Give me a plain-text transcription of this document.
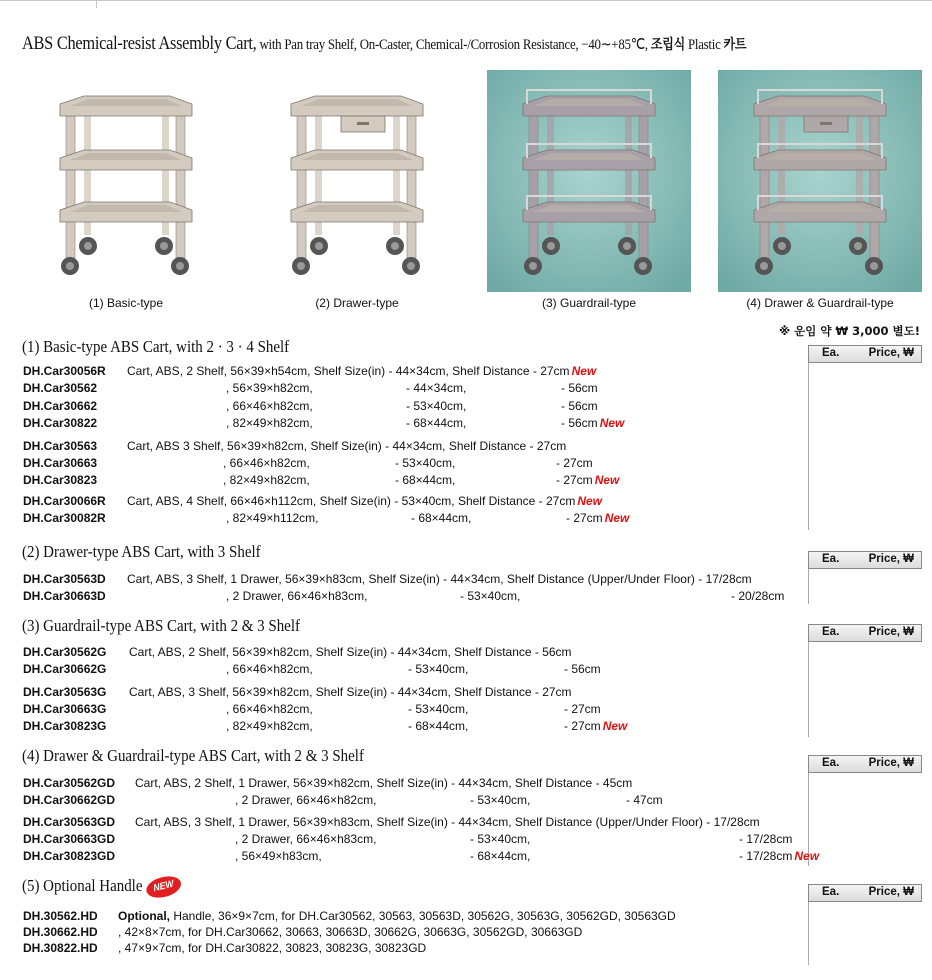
ABS Chemical-resist Assembly Cart, with Pan tray Shelf, On-Caster, Chemical-/Corrosion Resistance, −40∼+85℃, 조립식 Plastic 카트
(1) Basic-type	(2) Drawer-type	(3) Guardrail-type	(4) Drawer & Guardrail-type
※ 운임 약 ₩ 3,000 별도!
(1) Basic-type ABS Cart, with 2 · 3 · 4 Shelf	Ea.	Price, ₩
DH.Car30056R Cart, ABS, 2 Shelf, 56×39×h54cm, Shelf Size(in) - 44×34cm, Shelf Distance - 27cm New
DH.Car30562	, 56×39×h82cm,	- 44×34cm,	- 56cm
DH.Car30662	, 66×46×h82cm,	- 53×40cm,	- 56cm
DH.Car30822	, 82×49×h82cm,	- 68×44cm,	- 56cm New
DH.Car30563 Cart, ABS 3 Shelf, 56×39×h82cm, Shelf Size(in) - 44×34cm, Shelf Distance - 27cm
DH.Car30663	, 66×46×h82cm,	- 53×40cm,	- 27cm
DH.Car30823	, 82×49×h82cm,	- 68×44cm,	- 27cm New
DH.Car30066R Cart, ABS, 4 Shelf, 66×46×h112cm, Shelf Size(in) - 53×40cm, Shelf Distance - 27cm New
DH.Car30082R	, 82×49×h112cm,	- 68×44cm,	- 27cm New
(2) Drawer-type ABS Cart, with 3 Shelf	Ea.	Price, ₩
DH.Car30563D Cart, ABS, 3 Shelf, 1 Drawer, 56×39×h83cm, Shelf Size(in) - 44×34cm, Shelf Distance (Upper/Under Floor) - 17/28cm
DH.Car30663D	, 2 Drawer, 66×46×h83cm,	- 53×40cm,	- 20/28cm
(3) Guardrail-type ABS Cart, with 2 & 3 Shelf	Ea.	Price, ₩
DH.Car30562G Cart, ABS, 2 Shelf, 56×39×h82cm, Shelf Size(in) - 44×34cm, Shelf Distance - 56cm
DH.Car30662G	, 66×46×h82cm,	- 53×40cm,	- 56cm
DH.Car30563G Cart, ABS, 3 Shelf, 56×39×h82cm, Shelf Size(in) - 44×34cm, Shelf Distance - 27cm
DH.Car30663G	, 66×46×h82cm,	- 53×40cm,	- 27cm
DH.Car30823G	, 82×49×h82cm,	- 68×44cm,	- 27cm New
(4) Drawer & Guardrail-type ABS Cart, with 2 & 3 Shelf	Ea.	Price, ₩
DH.Car30562GD Cart, ABS, 2 Shelf, 1 Drawer, 56×39×h82cm, Shelf Size(in) - 44×34cm, Shelf Distance - 45cm
DH.Car30662GD	, 2 Drawer, 66×46×h82cm,	- 53×40cm,	- 47cm
DH.Car30563GD Cart, ABS, 3 Shelf, 1 Drawer, 56×39×h83cm, Shelf Size(in) - 44×34cm, Shelf Distance (Upper/Under Floor) - 17/28cm
DH.Car30663GD	, 2 Drawer, 66×46×h83cm,	- 53×40cm,	- 17/28cm
DH.Car30823GD	, 56×49×h83cm,	- 68×44cm,	- 17/28cm New
(5) Optional Handle NEW	Ea.	Price, ₩
DH.30562.HD Optional, Handle, 36×9×7cm, for DH.Car30562, 30563, 30563D, 30562G, 30563G, 30562GD, 30563GD
DH.30662.HD , 42×8×7cm, for DH.Car30662, 30663, 30663D, 30662G, 30663G, 30562GD, 30663GD
DH.30822.HD , 47×9×7cm, for DH.Car30822, 30823, 30823G, 30823GD
